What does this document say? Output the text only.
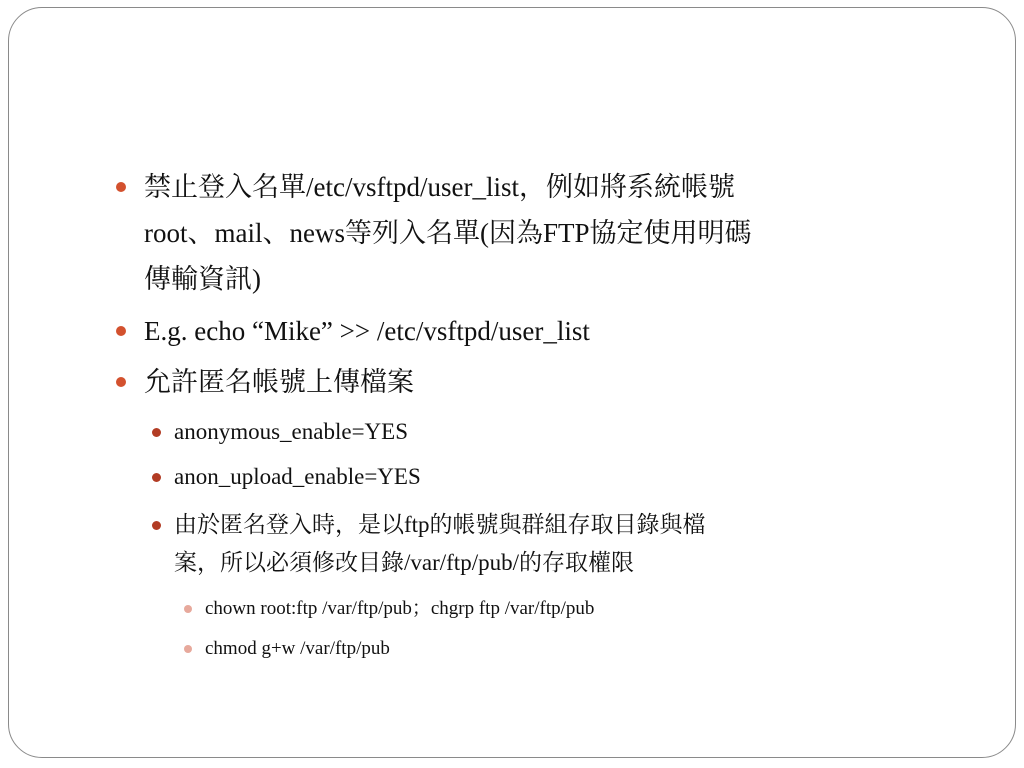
禁止登入名單/etc/vsftpd/user_list，例如將系統帳號
root、mail、news等列入名單(因為FTP協定使用明碼
傳輸資訊)
E.g. echo “Mike” >> /etc/vsftpd/user_list
允許匿名帳號上傳檔案
anonymous_enable=YES
anon_upload_enable=YES
由於匿名登入時，是以ftp的帳號與群組存取目錄與檔
案，所以必須修改目錄/var/ftp/pub/的存取權限
chown root:ftp /var/ftp/pub；chgrp ftp /var/ftp/pub
chmod g+w /var/ftp/pub
